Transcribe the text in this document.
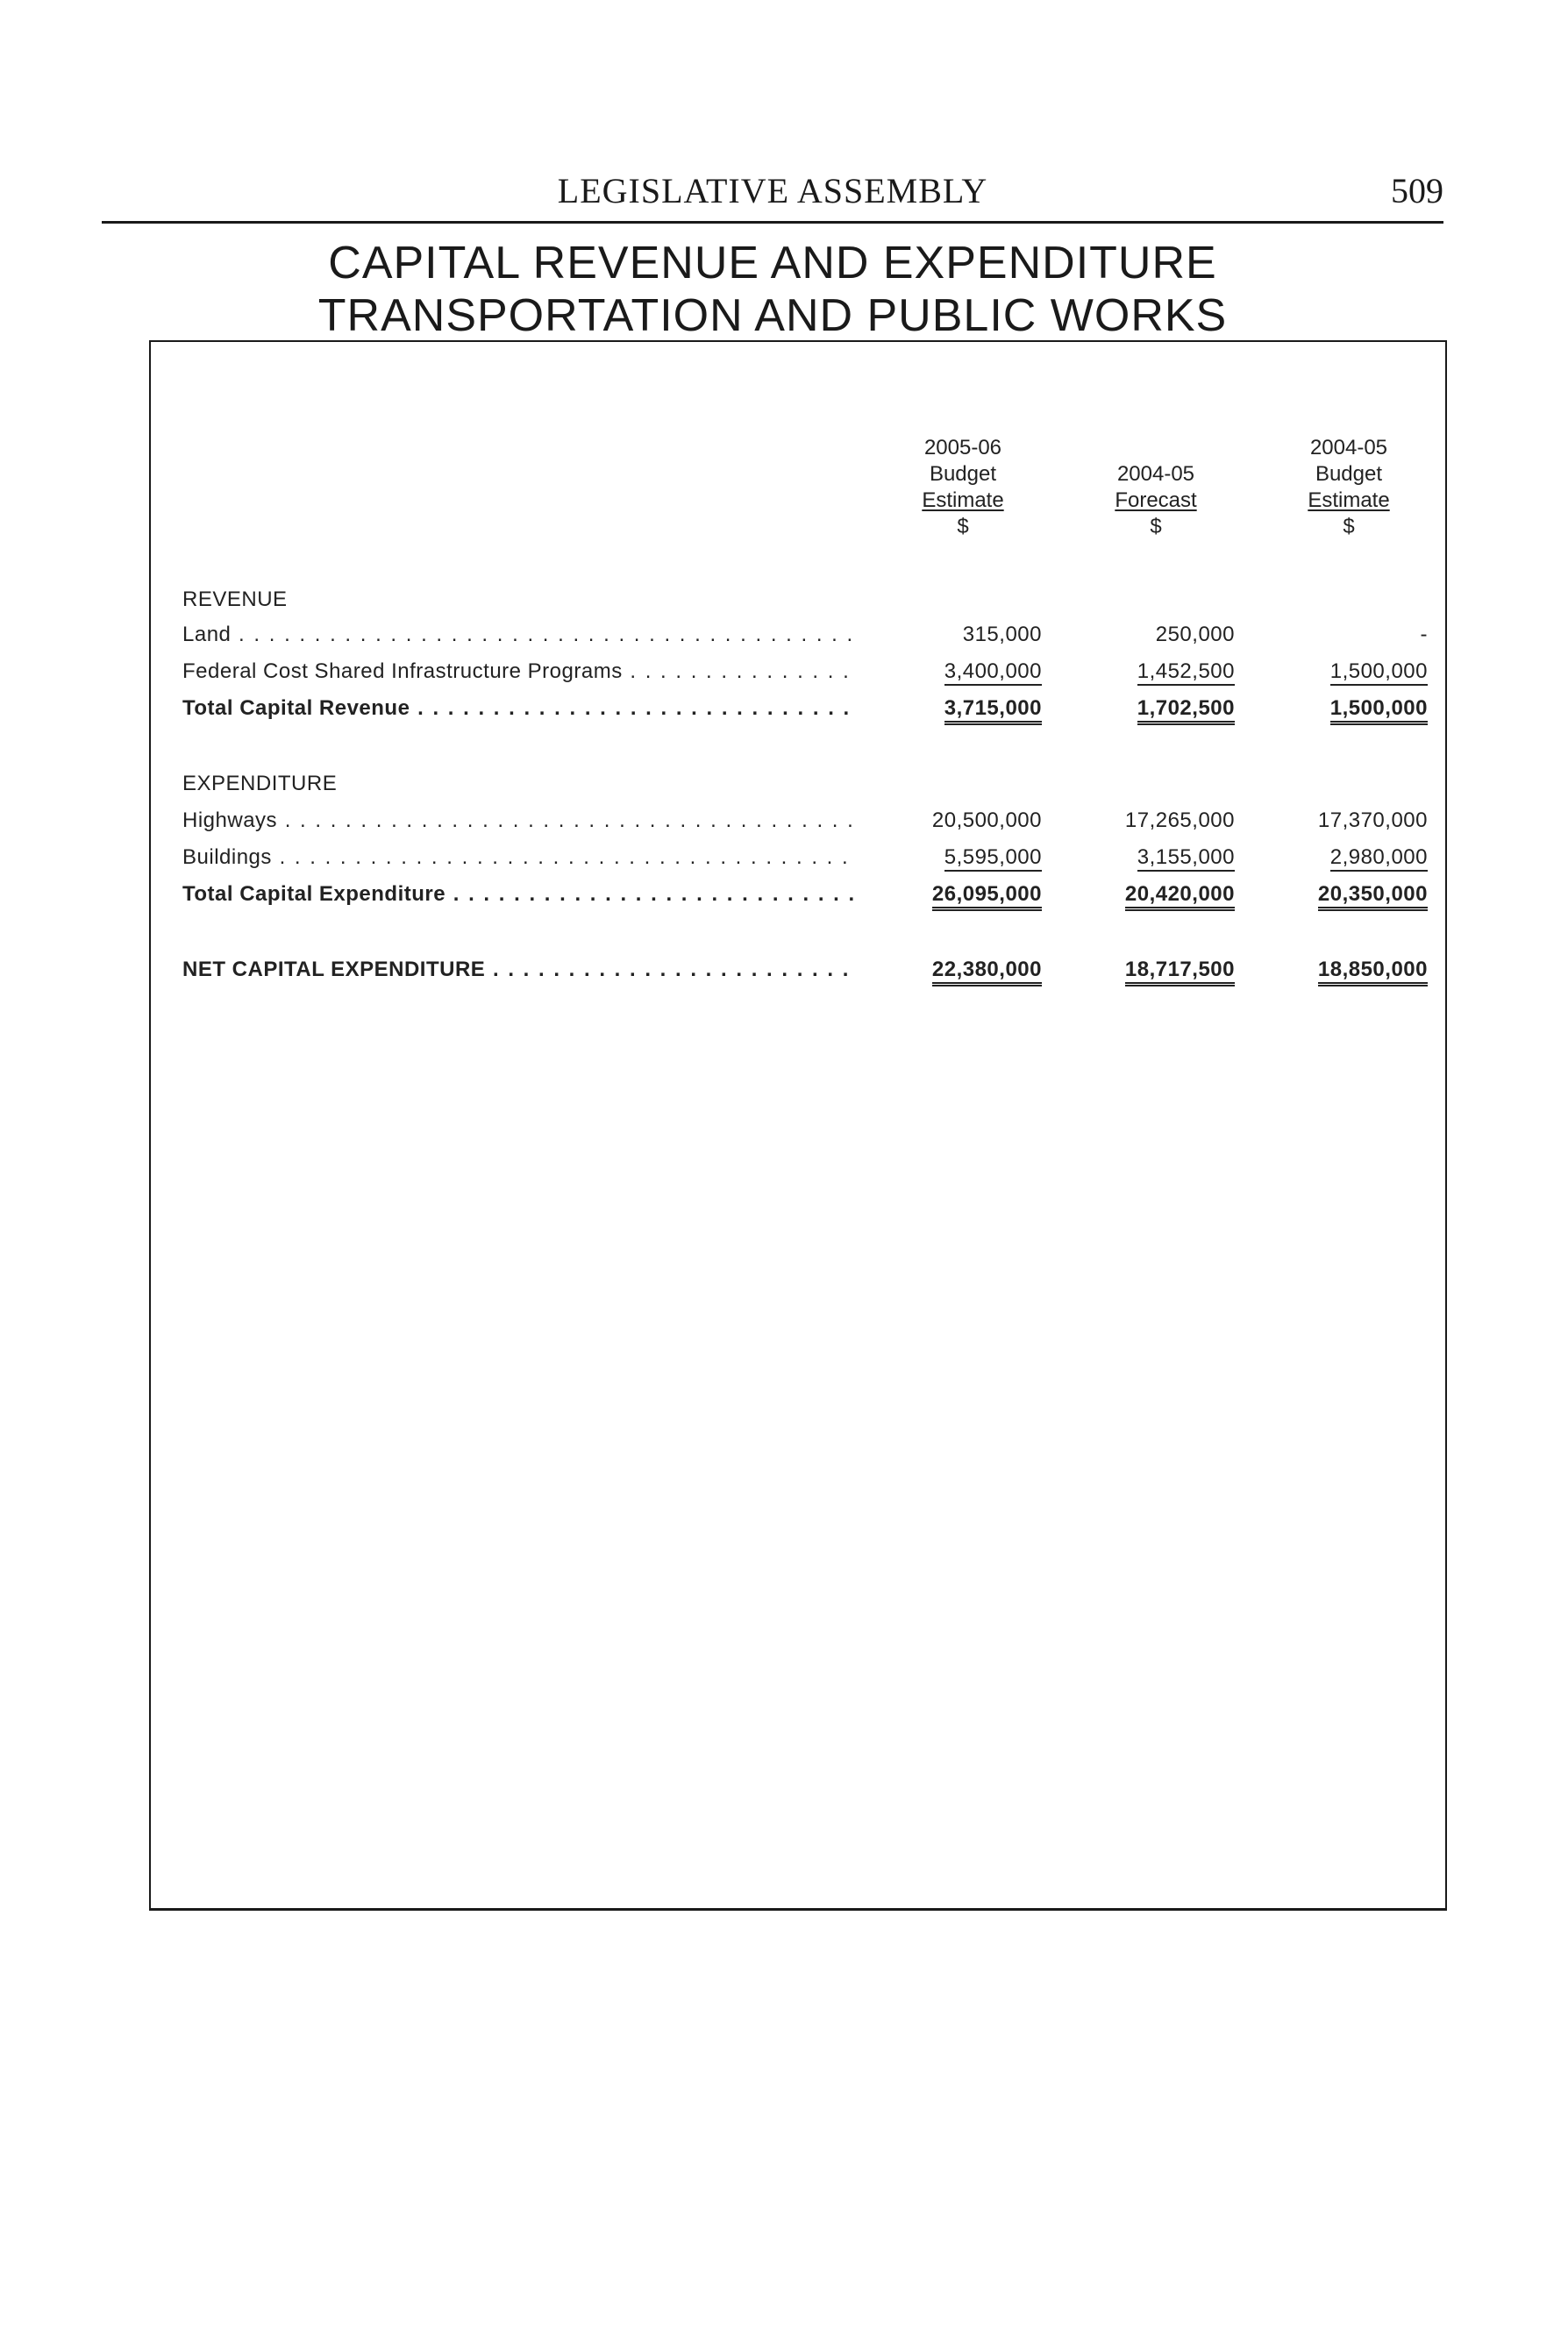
LEGISLATIVE ASSEMBLY	509
CAPITAL REVENUE AND EXPENDITURE
TRANSPORTATION AND PUBLIC WORKS
2005-06
Budget
Estimate
$
2004-05
Forecast
$
2004-05
Budget
Estimate
$
REVENUE
Land . . .	315,000	250,000	-
Federal Cost Shared Infrastructure Programs . . .	3,400,000	1,452,500	1,500,000
Total Capital Revenue . . .	3,715,000	1,702,500	1,500,000
EXPENDITURE
Highways . . .	20,500,000	17,265,000	17,370,000
Buildings . . .	5,595,000	3,155,000	2,980,000
Total Capital Expenditure . . .	26,095,000	20,420,000	20,350,000
NET CAPITAL EXPENDITURE . . .	22,380,000	18,717,500	18,850,000
